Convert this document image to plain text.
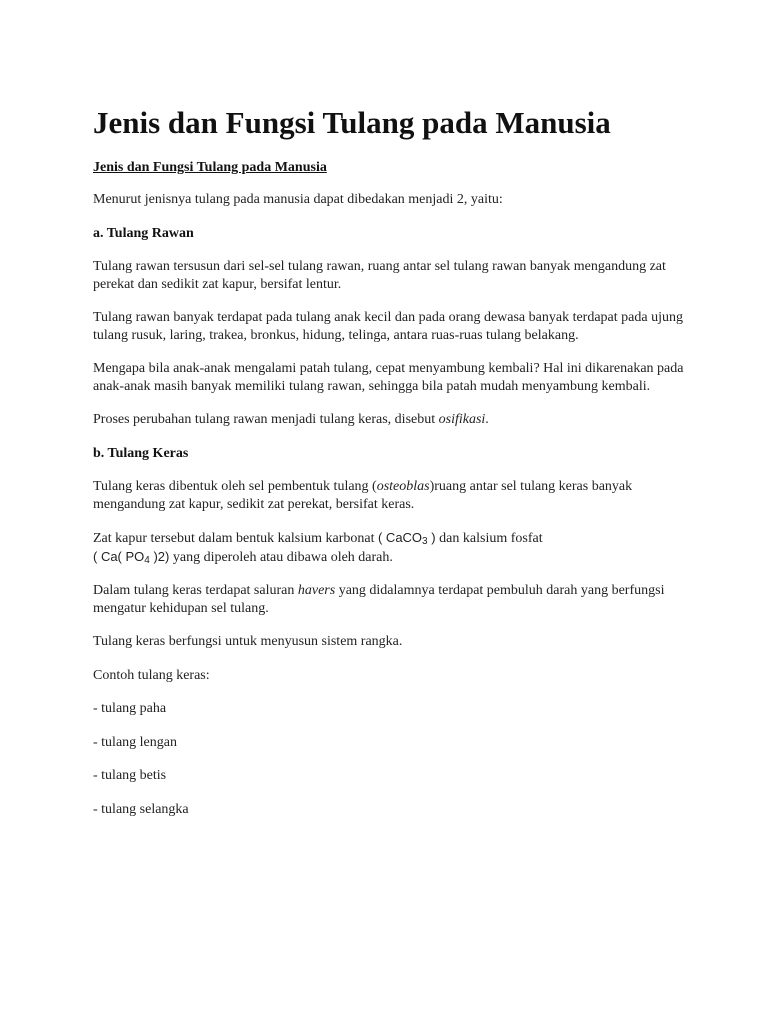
Jenis dan Fungsi Tulang pada Manusia
Jenis dan Fungsi Tulang pada Manusia

Menurut jenisnya tulang pada manusia dapat dibedakan menjadi 2, yaitu:

a. Tulang Rawan

Tulang rawan tersusun dari sel-sel tulang rawan, ruang antar sel tulang rawan banyak mengandung zat perekat dan sedikit zat kapur, bersifat lentur.

Tulang rawan banyak terdapat pada tulang anak kecil dan pada orang dewasa banyak terdapat pada ujung tulang rusuk, laring, trakea, bronkus, hidung, telinga, antara ruas-ruas tulang belakang.

Mengapa bila anak-anak mengalami patah tulang, cepat menyambung kembali? Hal ini dikarenakan pada anak-anak masih banyak memiliki tulang rawan, sehingga bila patah mudah menyambung kembali.

Proses perubahan tulang rawan menjadi tulang keras, disebut osifikasi.

b. Tulang Keras

Tulang keras dibentuk oleh sel pembentuk tulang (osteoblas)ruang antar sel tulang keras banyak mengandung zat kapur, sedikit zat perekat, bersifat keras.

Zat kapur tersebut dalam bentuk kalsium karbonat ( CaCO$_3$ ) dan kalsium fosfat
( Ca( $PO_4$ )2) yang diperoleh atau dibawa oleh darah.

Dalam tulang keras terdapat saluran havers yang didalamnya terdapat pembuluh darah yang berfungsi mengatur kehidupan sel tulang.

Tulang keras berfungsi untuk menyusun sistem rangka.

Contoh tulang keras:

- tulang paha

- tulang lengan

- tulang betis

- tulang selangka
